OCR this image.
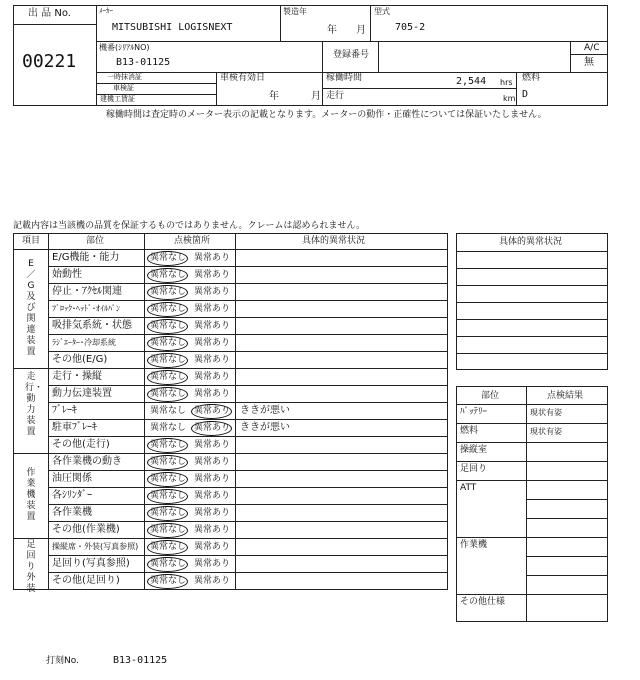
出 品 No.
00221
ﾒｰｶｰ
MITSUBISHI LOGISNEXT
製造年
年 月
型式
705-2
機番(ｼﾘｱﾙNO)
B13-01125
登録番号
A/C
無
一時抹消証
車検証
建機工賃証
車検有効日
年	月
稼働時間	2,544 hrs
走行	km
燃料
D
稼働時間は査定時のメーター表示の記載となります。メーターの動作・正確性については保証いたしません。
記載内容は当該機の品質を保証するものではありません。クレームは認められません。
項目	部位	点検箇所	具体的異常状況
E/G機能・能力	異常なし 異常あり
始動性	異常なし 異常あり
停止・ｱｸｾﾙ関連	異常なし 異常あり
ﾌﾞﾛｯｸ･ﾍｯﾄﾞ･ｵｲﾙﾊﾟﾝ	異常なし 異常あり
吸排気系統・状態	異常なし 異常あり
ﾗｼﾞｴｰﾀｰ･冷却系統	異常なし 異常あり
その他(E/G)	異常なし 異常あり
E／G及び関連装置
走行・操縦	異常なし 異常あり
動力伝達装置	異常なし 異常あり
ﾌﾞﾚｰｷ	異常なし 異常あり ききが悪い
駐車ﾌﾞﾚｰｷ	異常なし 異常あり ききが悪い
その他(走行)	異常なし 異常あり
走行・動力装置
各作業機の動き	異常なし 異常あり
油圧関係	異常なし 異常あり
各ｼﾘﾝﾀﾞｰ	異常なし 異常あり
各作業機	異常なし 異常あり
その他(作業機)	異常なし 異常あり
作業機装置
操縦席・外装(写真参照)	異常なし 異常あり
足回り(写真参照)	異常なし 異常あり
その他(足回り)	異常なし 異常あり
足回り外装
具体的異常状況
部位	点検結果
ﾊﾞｯﾃﾘｰ	現状有姿
燃料	現状有姿
操縦室
足回り
ATT
作業機
その他仕様
打刻No.	B13-01125
